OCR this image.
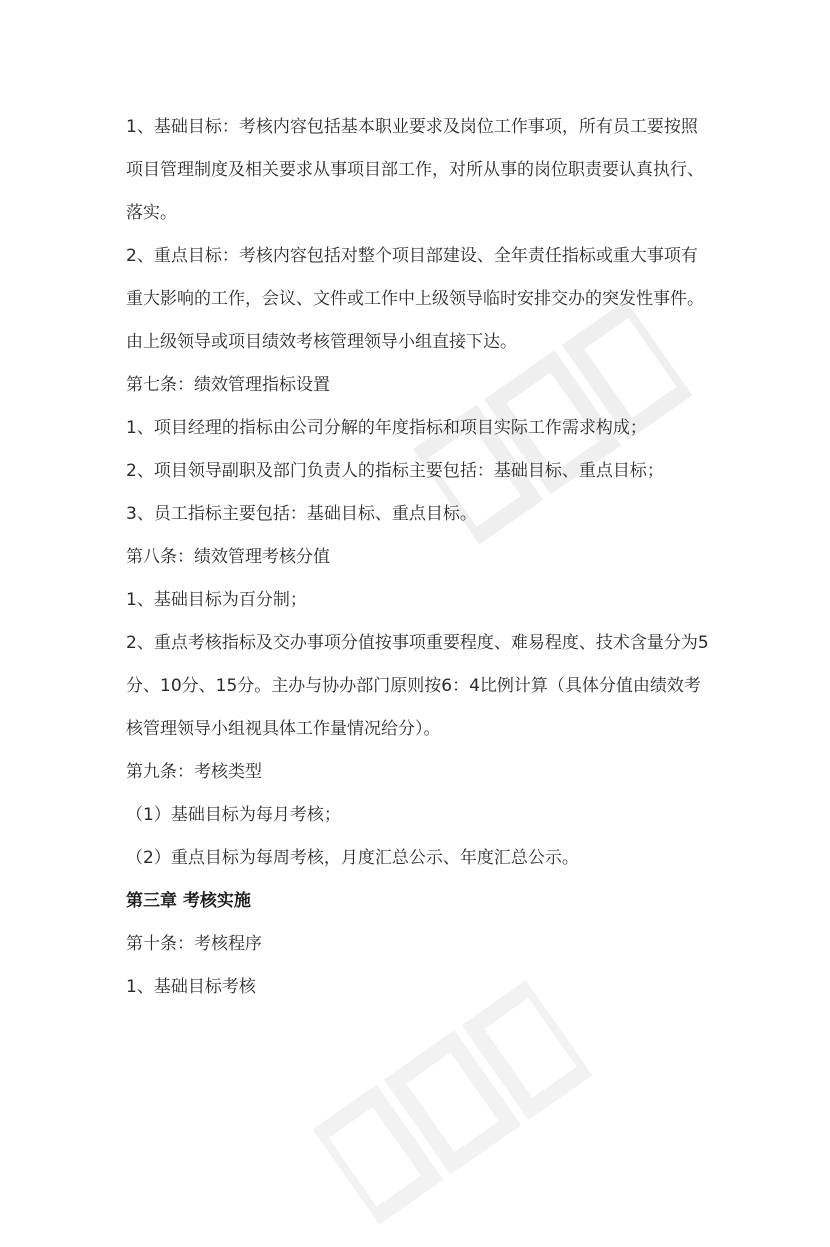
1、基础目标：考核内容包括基本职业要求及岗位工作事项，所有员工要按照项目管理制度及相关要求从事项目部工作，对所从事的岗位职责要认真执行、落实。

2、重点目标：考核内容包括对整个项目部建设、全年责任指标或重大事项有重大影响的工作，会议、文件或工作中上级领导临时安排交办的突发性事件。由上级领导或项目绩效考核管理领导小组直接下达。

第七条：绩效管理指标设置

1、项目经理的指标由公司分解的年度指标和项目实际工作需求构成；

2、项目领导副职及部门负责人的指标主要包括：基础目标、重点目标；

3、员工指标主要包括：基础目标、重点目标。

第八条：绩效管理考核分值

1、基础目标为百分制；

2、重点考核指标及交办事项分值按事项重要程度、难易程度、技术含量分为5分、10分、15分。主办与协办部门原则按6：4比例计算（具体分值由绩效考核管理领导小组视具体工作量情况给分）。

第九条：考核类型

（1）基础目标为每月考核；

（2）重点目标为每周考核，月度汇总公示、年度汇总公示。

第三章 考核实施

第十条：考核程序

1、基础目标考核
